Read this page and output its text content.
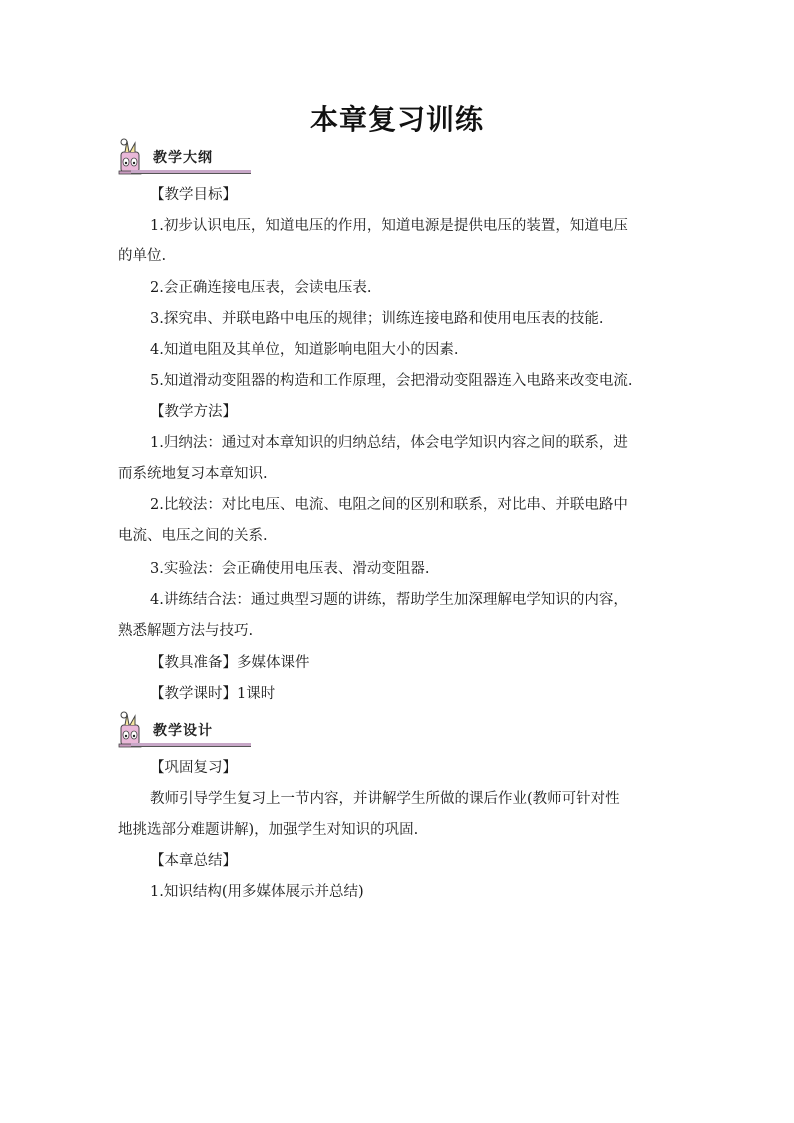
本章复习训练
教学大纲
【教学目标】
1.初步认识电压，知道电压的作用，知道电源是提供电压的装置，知道电压
的单位.
2.会正确连接电压表，会读电压表.
3.探究串、并联电路中电压的规律；训练连接电路和使用电压表的技能.
4.知道电阻及其单位，知道影响电阻大小的因素.
5.知道滑动变阻器的构造和工作原理，会把滑动变阻器连入电路来改变电流.
【教学方法】
1.归纳法：通过对本章知识的归纳总结，体会电学知识内容之间的联系，进
而系统地复习本章知识.
2.比较法：对比电压、电流、电阻之间的区别和联系，对比串、并联电路中
电流、电压之间的关系.
3.实验法：会正确使用电压表、滑动变阻器.
4.讲练结合法：通过典型习题的讲练，帮助学生加深理解电学知识的内容，
熟悉解题方法与技巧.
【教具准备】多媒体课件
【教学课时】1课时
教学设计
【巩固复习】
教师引导学生复习上一节内容，并讲解学生所做的课后作业(教师可针对性
地挑选部分难题讲解)，加强学生对知识的巩固.
【本章总结】
1.知识结构(用多媒体展示并总结)
